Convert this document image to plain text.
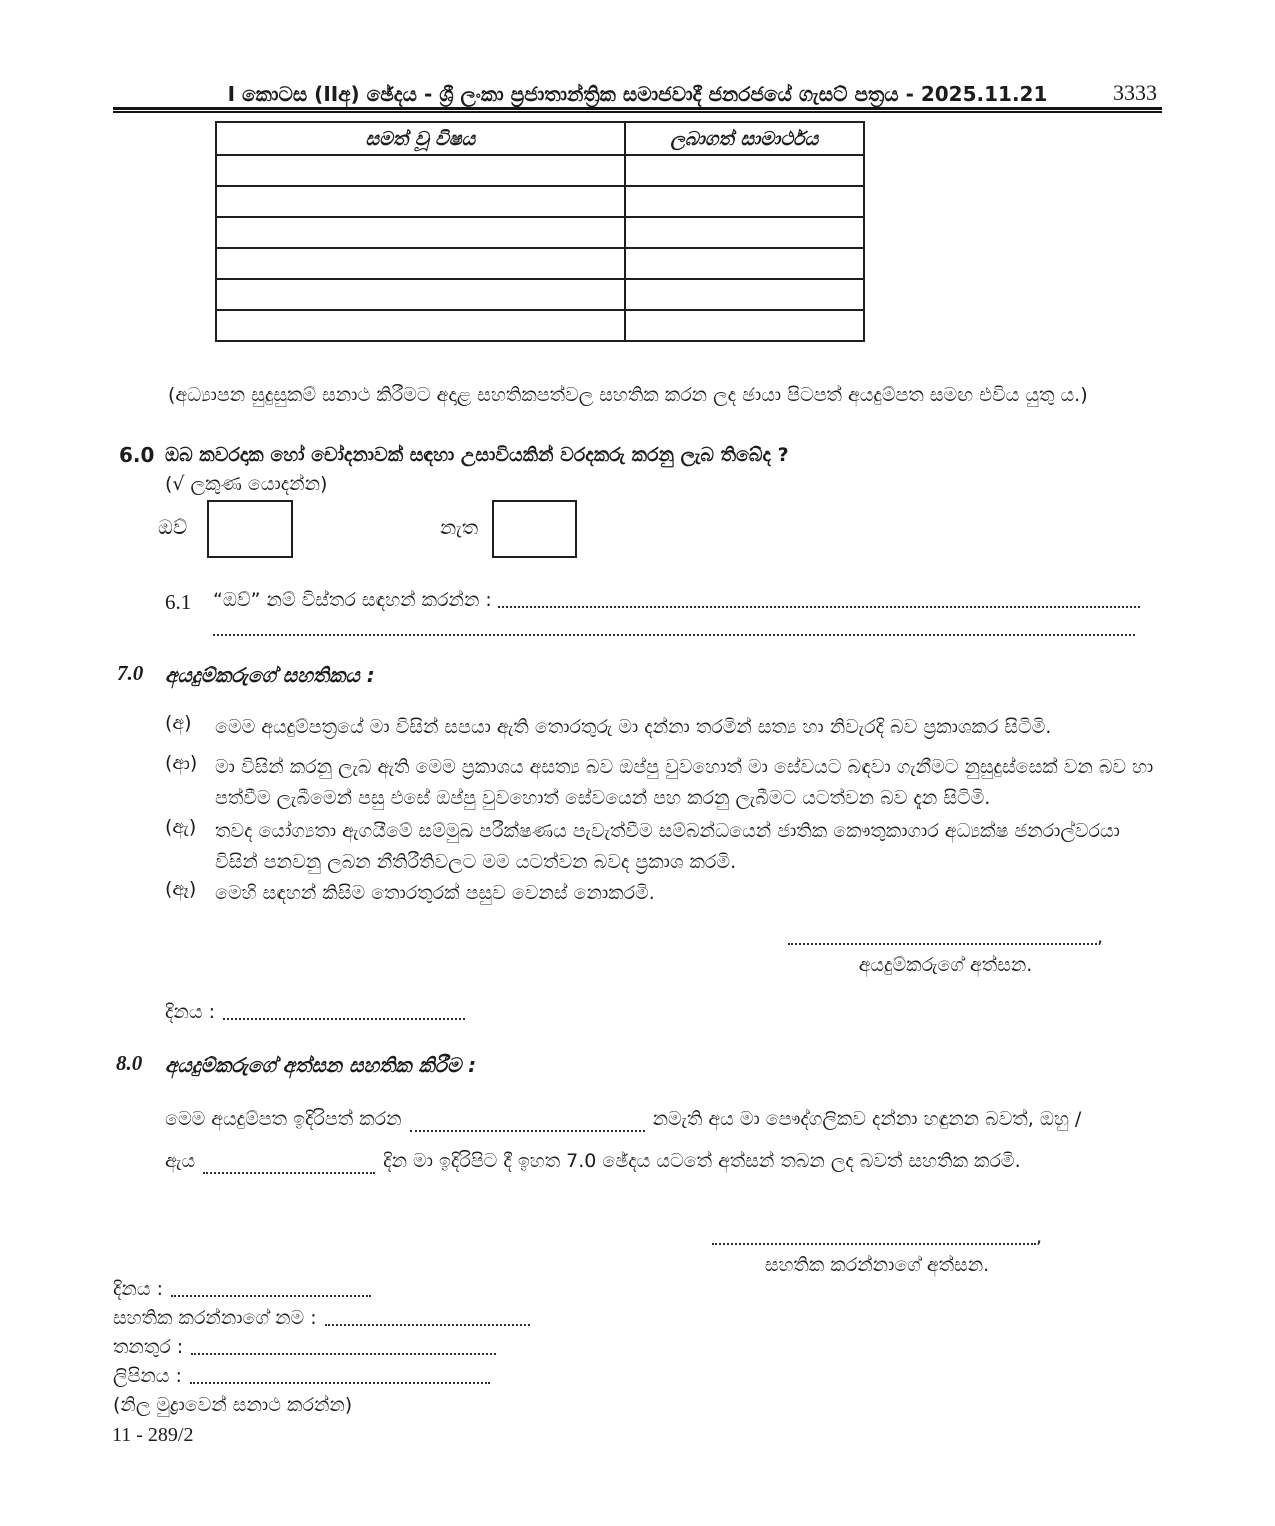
I කොටස (IIඅ) ඡේදය - ශ්‍රී ලංකා ප්‍රජාතාන්ත්‍රික සමාජවාදී ජනරජයේ ගැසට් පත්‍රය - 2025.11.21	3333
සමත් වූ විෂය	ලබාගත් සාමාර්ථය

(අධ්‍යාපන සුදුසුකම් සනාථ කිරීමට අදාළ සහතිකපත්වල සහතික කරන ලද ඡායා පිටපත් අයදුම්පත සමඟ එවිය යුතු ය.)
6.0 ඔබ කවරදාක හෝ චෝදනාවක් සඳහා උසාවියකින් වරදකරු කරනු ලැබ තිබේද ?
(√ ලකුණ යොදන්න)
ඔව්	නැත
6.1 “ඔව්” නම් විස්තර සඳහන් කරන්න :
7.0 අයදුම්කරුගේ සහතිකය :
(අ)	මෙම අයදුම්පත්‍රයේ මා විසින් සපයා ඇති තොරතුරු මා දන්නා තරමින් සත්‍ය හා නිවැරදි බව ප්‍රකාශකර සිටිමි.
(ආ) මා විසින් කරනු ලැබ ඇති මෙම ප්‍රකාශය අසත්‍ය බව ඔප්පු වුවහොත් මා සේවයට බඳවා ගැනීමට නුසුදුස්සෙක් වන බව හා පත්වීම ලැබීමෙන් පසු එසේ ඔප්පු වුවහොත් සේවයෙන් පහ කරනු ලැබීමට යටත්වන බව දැන සිටිමි.
(ඇ) තවද යෝග්‍යතා ඇගයීමේ සම්මුඛ පරීක්ෂණය පැවැත්වීම සම්බන්ධයෙන් ජාතික කෞතුකාගාර අධ්‍යක්ෂ ජනරාල්වරයා විසින් පනවනු ලබන නීතිරීතිවලට මම යටත්වන බවද ප්‍රකාශ කරමි.
(ඈ) මෙහි සඳහන් කිසිම තොරතුරක් පසුව වෙනස් නොකරමි.
,
අයදුම්කරුගේ අත්සන.
දිනය :
8.0 අයදුම්කරුගේ අත්සන සහතික කිරීම :
මෙම අයදුම්පත ඉදිරිපත් කරන	නමැති අය මා පෞද්ගලිකව දන්නා හඳුනන බවත්, ඔහු /
ඇය	දින මා ඉදිරිපිට දී ඉහත 7.0 ඡේදය යටතේ අත්සන් තබන ලද බවත් සහතික කරමි.
,
සහතික කරන්නාගේ අත්සන.
දිනය :
සහතික කරන්නාගේ නම :
තනතුර :
ලිපිනය :
(නිල මුද්‍රාවෙන් සනාථ කරන්න)
11 - 289/2
